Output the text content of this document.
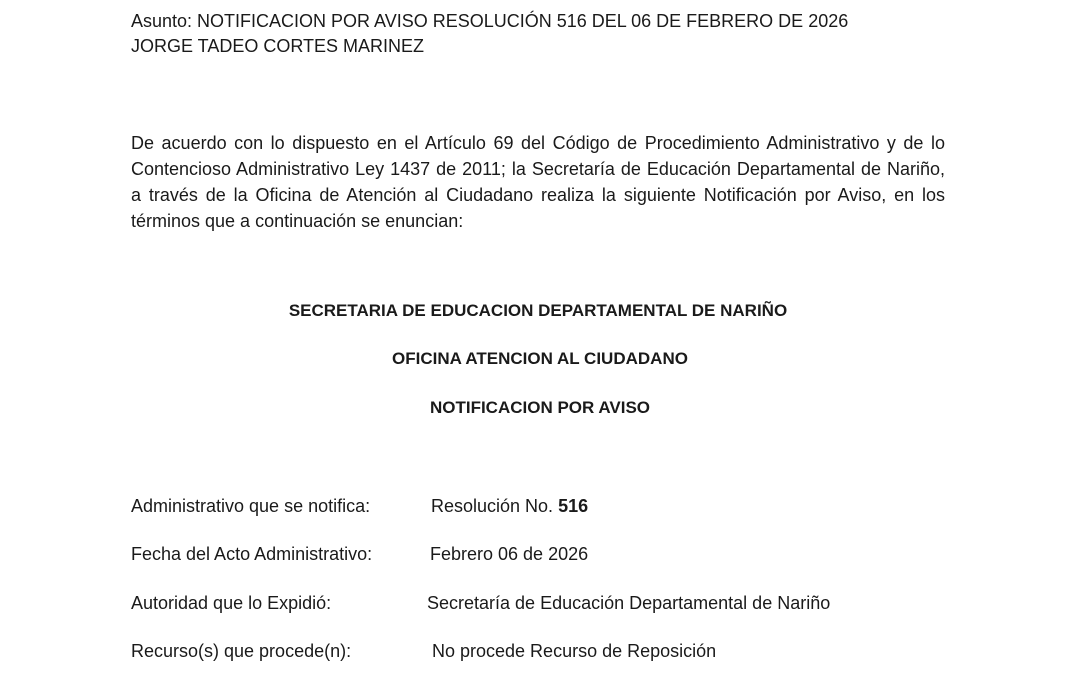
Asunto: NOTIFICACION POR AVISO RESOLUCIÓN 516 DEL 06 DE FEBRERO DE 2026
JORGE TADEO CORTES MARINEZ
De acuerdo con lo dispuesto en el Artículo 69 del Código de Procedimiento Administrativo y de lo Contencioso Administrativo Ley 1437 de 2011; la Secretaría de Educación Departamental de Nariño, a través de la Oficina de Atención al Ciudadano realiza la siguiente Notificación por Aviso, en los términos que a continuación se enuncian:
SECRETARIA DE EDUCACION DEPARTAMENTAL DE NARIÑO
OFICINA ATENCION AL CIUDADANO
NOTIFICACION POR AVISO
Administrativo que se notifica:	Resolución No. 516
Fecha del Acto Administrativo:	Febrero 06 de 2026
Autoridad que lo Expidió:	Secretaría de Educación Departamental de Nariño
Recurso(s) que procede(n):	No procede Recurso de Reposición
